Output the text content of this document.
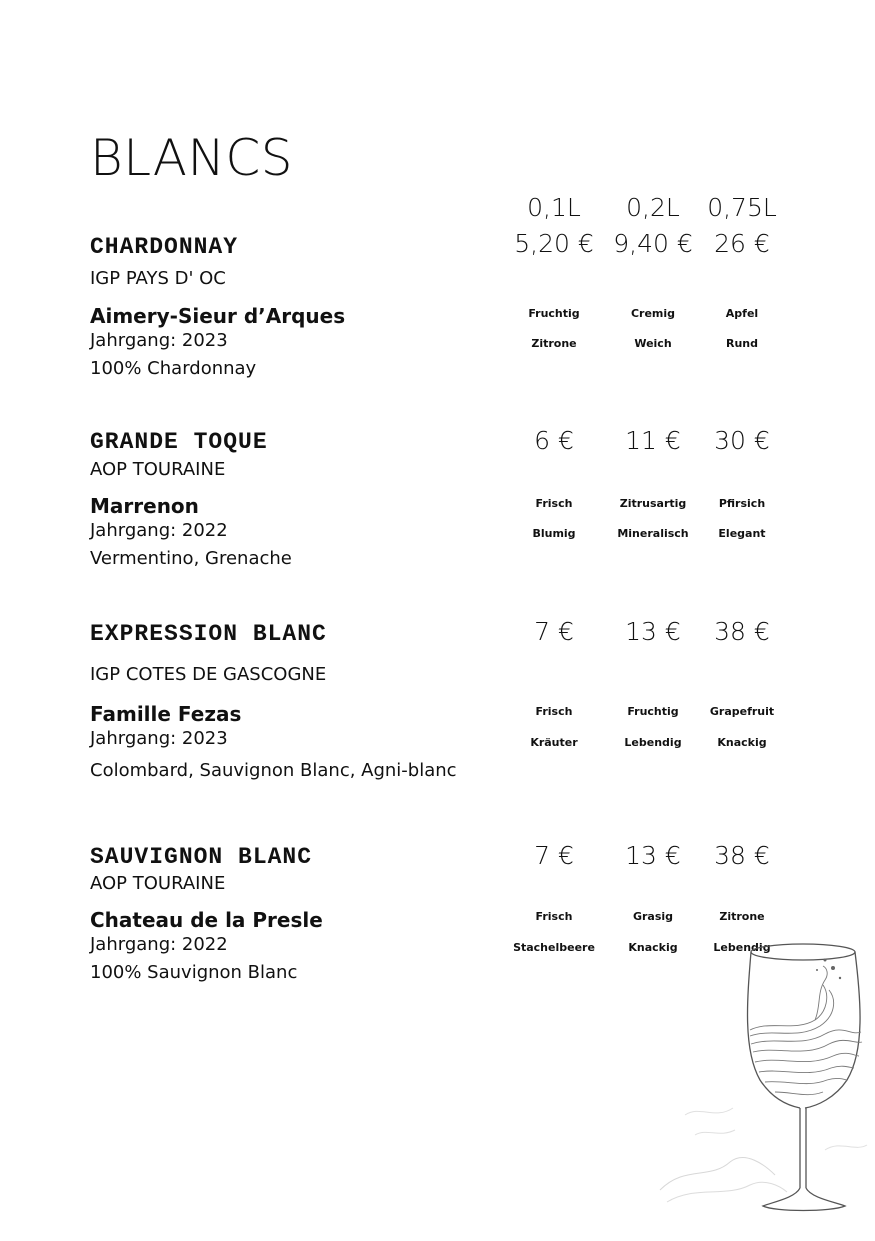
BLANCS
0,1L	0,2L	0,75L
CHARDONNAY
IGP PAYS D' OC
Aimery-Sieur d’Arques
Jahrgang: 2023
100% Chardonnay
5,20 € 9,40 € 26 €
Fruchtig	Cremig	Apfel
Zitrone	Weich	Rund
GRANDE TOQUE
AOP TOURAINE
Marrenon
Jahrgang: 2022
Vermentino, Grenache
6 €	11 €	30 €
Frisch	Zitrusartig	Pfirsich
Blumig	Mineralisch	Elegant
EXPRESSION BLANC
IGP COTES DE GASCOGNE
Famille Fezas
Jahrgang: 2023
Colombard, Sauvignon Blanc, Agni-blanc
7 €	13 €	38 €
Frisch	Fruchtig	Grapefruit
Kräuter	Lebendig	Knackig
SAUVIGNON BLANC
AOP TOURAINE
Chateau de la Presle
Jahrgang: 2022
100% Sauvignon Blanc
7 €	13 €	38 €
Frisch	Grasig	Zitrone
Stachelbeere	Knackig	Lebendig
